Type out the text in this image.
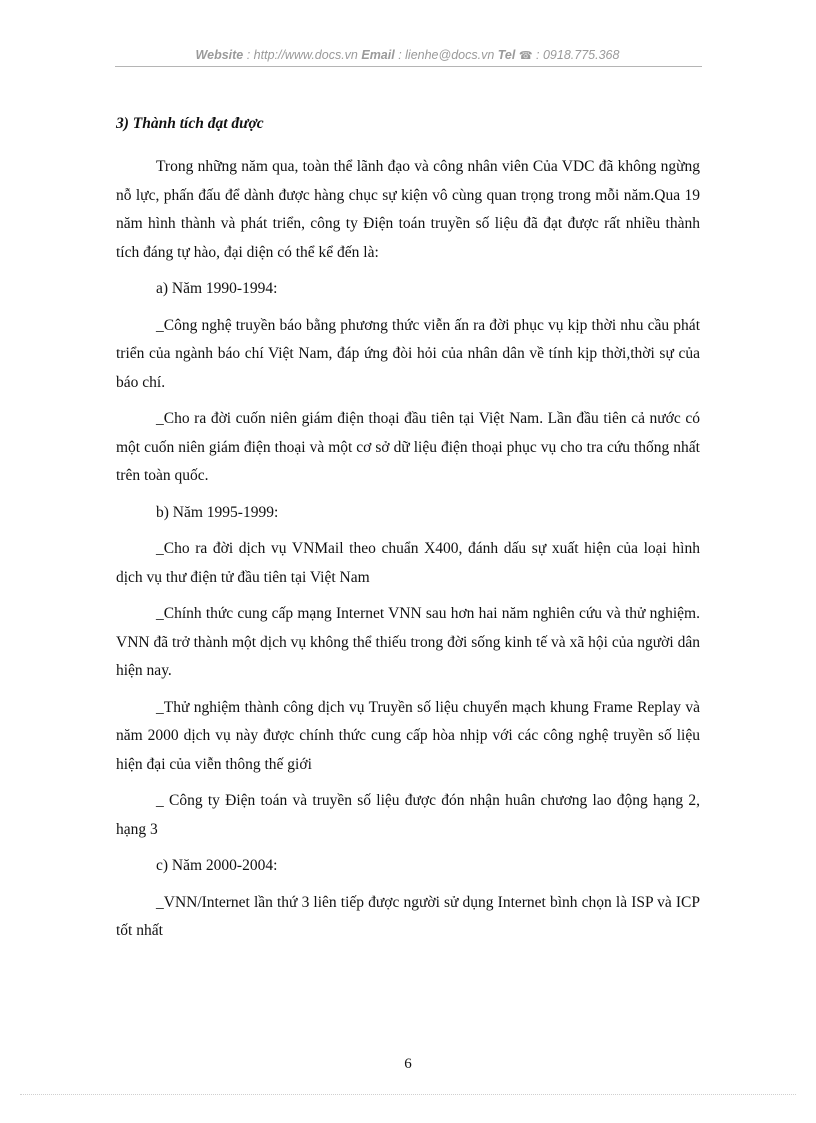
Website : http://www.docs.vn Email : lienhe@docs.vn Tel ☎ : 0918.775.368
3) Thành tích đạt được

Trong những năm qua, toàn thể lãnh đạo và công nhân viên Của VDC đã không ngừng nỗ lực, phấn đấu để dành được hàng chục sự kiện vô cùng quan trọng trong mỗi năm.Qua 19 năm hình thành và phát triển, công ty Điện toán truyền số liệu đã đạt được rất nhiều thành tích đáng tự hào, đại diện có thể kể đến là:

a) Năm 1990-1994:

_Công nghệ truyền báo bằng phương thức viễn ấn ra đời phục vụ kịp thời nhu cầu phát triển của ngành báo chí Việt Nam, đáp ứng đòi hỏi của nhân dân về tính kịp thời,thời sự của báo chí.

_Cho ra đời cuốn niên giám điện thoại đầu tiên tại Việt Nam. Lần đầu tiên cả nước có một cuốn niên giám điện thoại và một cơ sở dữ liệu điện thoại phục vụ cho tra cứu thống nhất trên toàn quốc.

b) Năm 1995-1999:

_Cho ra đời dịch vụ VNMail theo chuẩn X400, đánh dấu sự xuất hiện của loại hình dịch vụ thư điện tử đầu tiên tại Việt Nam

_Chính thức cung cấp mạng Internet VNN sau hơn hai năm nghiên cứu và thử nghiệm. VNN đã trở thành một dịch vụ không thể thiếu trong đời sống kinh tế và xã hội của người dân hiện nay.

_Thử nghiệm thành công dịch vụ Truyền số liệu chuyển mạch khung Frame Replay và năm 2000 dịch vụ này được chính thức cung cấp hòa nhịp với các công nghệ truyền số liệu hiện đại của viễn thông thế giới

_ Công ty Điện toán và truyền số liệu được đón nhận huân chương lao động hạng 2, hạng 3

c) Năm 2000-2004:

_VNN/Internet lần thứ 3 liên tiếp được người sử dụng Internet bình chọn là ISP và ICP tốt nhất

6
